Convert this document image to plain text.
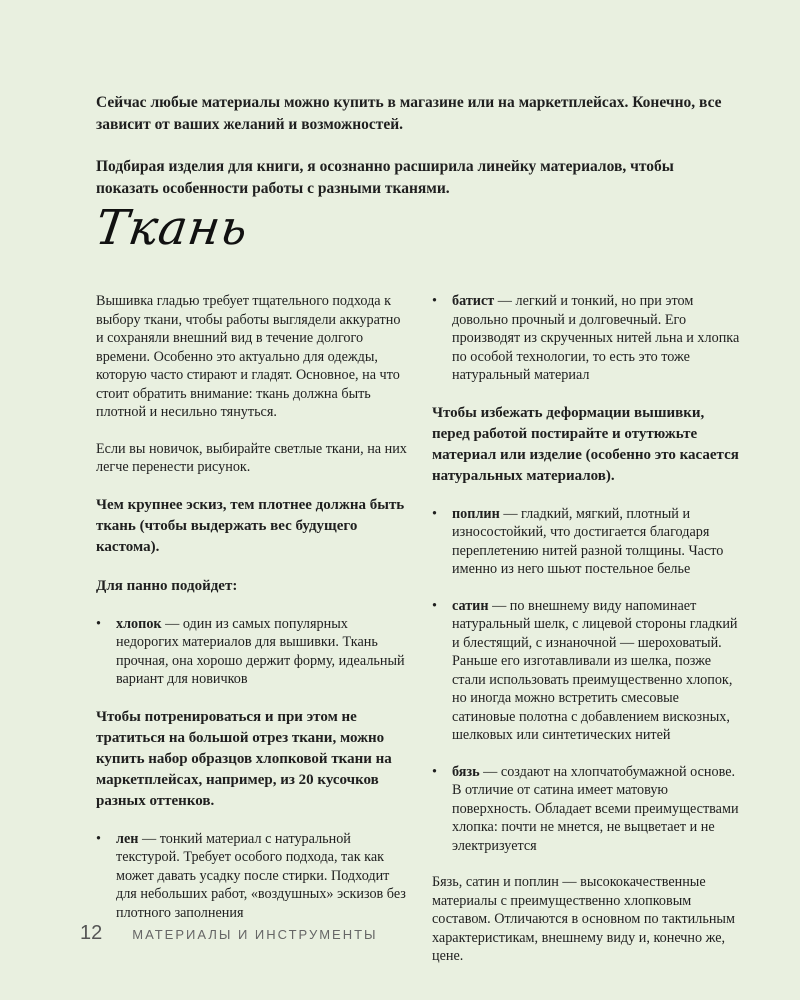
Сейчас любые материалы можно купить в магазине или на маркетплейсах. Конечно, все зависит от ваших желаний и возможностей.

Подбирая изделия для книги, я осознанно расширила линейку материалов, чтобы показать особенности работы с разными тканями.

Ткань

Вышивка гладью требует тщательного подхода к выбору ткани, чтобы работы выглядели аккуратно и сохраняли внешний вид в течение долгого времени. Особенно это актуально для одежды, которую часто стирают и гладят. Основное, на что стоит обратить внимание: ткань должна быть плотной и несильно тянуться.

Если вы новичок, выбирайте светлые ткани, на них легче перенести рисунок.

Чем крупнее эскиз, тем плотнее должна быть ткань (чтобы выдержать вес будущего кастома).

Для панно подойдет:

• хлопок — один из самых популярных недорогих материалов для вышивки. Ткань прочная, она хорошо держит форму, идеальный вариант для новичков

Чтобы потренироваться и при этом не тратиться на большой отрез ткани, можно купить набор образцов хлопковой ткани на маркетплейсах, например, из 20 кусочков разных оттенков.

• лен — тонкий материал с натуральной текстурой. Требует особого подхода, так как может давать усадку после стирки. Подходит для небольших работ, «воздушных» эскизов без плотного заполнения
• батист — легкий и тонкий, но при этом довольно прочный и долговечный. Его производят из скрученных нитей льна и хлопка по особой технологии, то есть это тоже натуральный материал

Чтобы избежать деформации вышивки, перед работой постирайте и отутюжьте материал или изделие (особенно это касается натуральных материалов).

• поплин — гладкий, мягкий, плотный и износостойкий, что достигается благодаря переплетению нитей разной толщины. Часто именно из него шьют постельное белье
• сатин — по внешнему виду напоминает натуральный шелк, с лицевой стороны гладкий и блестящий, с изнаночной — шероховатый. Раньше его изготавливали из шелка, позже стали использовать преимущественно хлопок, но иногда можно встретить смесовые сатиновые полотна с добавлением вискозных, шелковых или синтетических нитей
• бязь — создают на хлопчатобумажной основе. В отличие от сатина имеет матовую поверхность. Обладает всеми преимуществами хлопка: почти не мнется, не выцветает и не электризуется

Бязь, сатин и поплин — высококачественные материалы с преимущественно хлопковым составом. Отличаются в основном по тактильным характеристикам, внешнему виду и, конечно же, цене.

12 МАТЕРИАЛЫ И ИНСТРУМЕНТЫ
